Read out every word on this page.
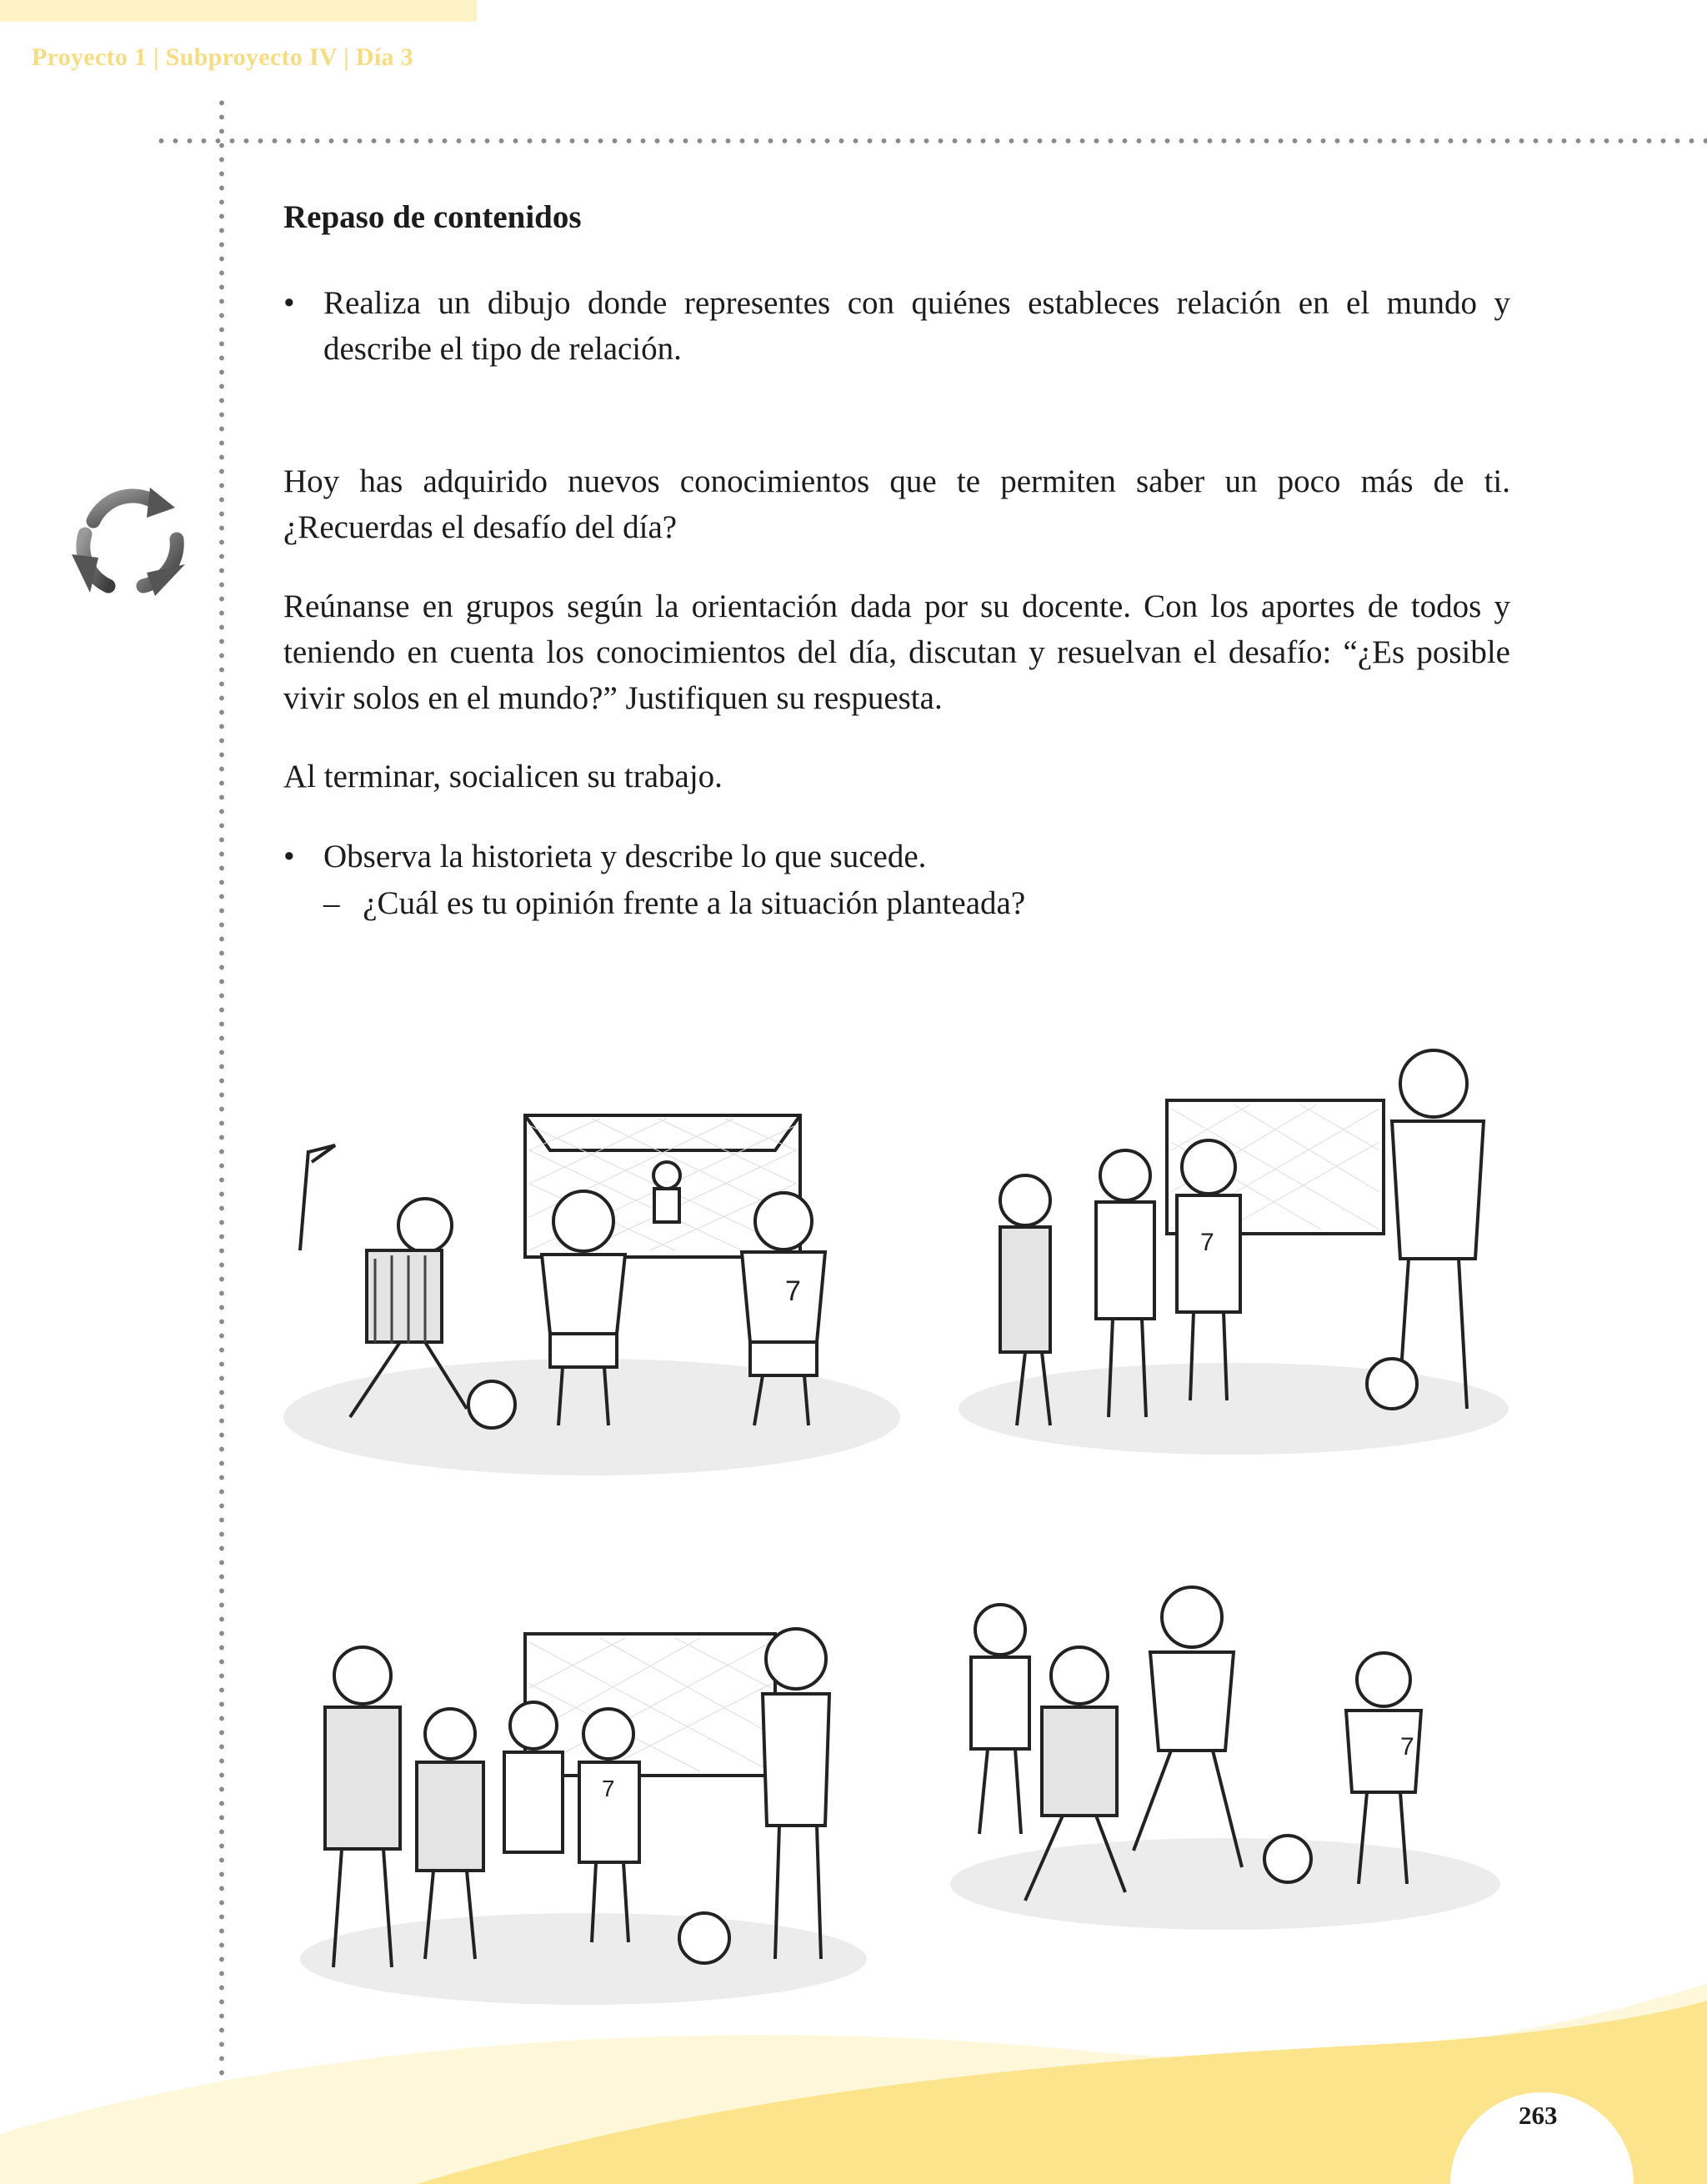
Proyecto 1 | Subproyecto IV | Día 3
Repaso de contenidos
• Realiza un dibujo donde representes con quiénes estableces relación en el mundo y describe el tipo de relación.
Hoy has adquirido nuevos conocimientos que te permiten saber un poco más de ti. ¿Recuerdas el desafío del día?
Reúnanse en grupos según la orientación dada por su docente. Con los aportes de todos y teniendo en cuenta los conocimientos del día, discutan y resuelvan el desafío: “¿Es posible vivir solos en el mundo?” Justifiquen su respuesta.
Al terminar, socialicen su trabajo.
• Observa la historieta y describe lo que sucede.
– ¿Cuál es tu opinión frente a la situación planteada?
7
7
7
7
263
